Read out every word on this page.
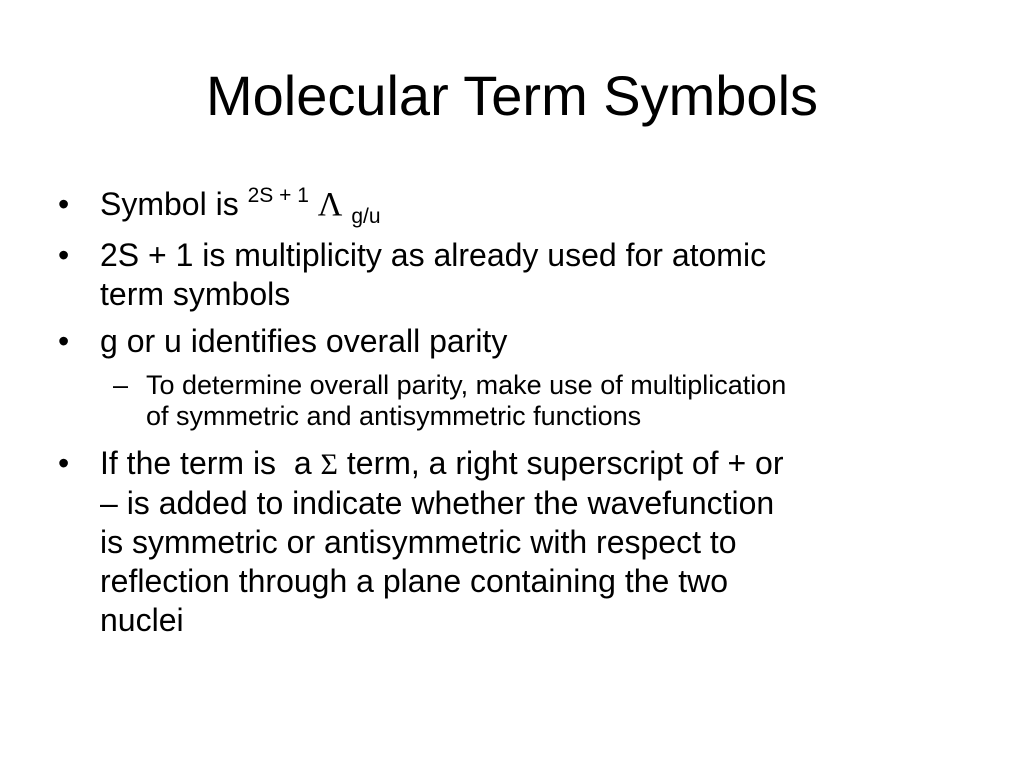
Molecular Term Symbols
• Symbol is $^{2S + 1}$ Λ $_{g/u}$
• 2S + 1 is multiplicity as already used for atomic
term symbols
• g or u identifies overall parity
– To determine overall parity, make use of multiplication
of symmetric and antisymmetric functions
• If the term is  a Σ term, a right superscript of + or
– is added to indicate whether the wavefunction
is symmetric or antisymmetric with respect to
reflection through a plane containing the two
nuclei
